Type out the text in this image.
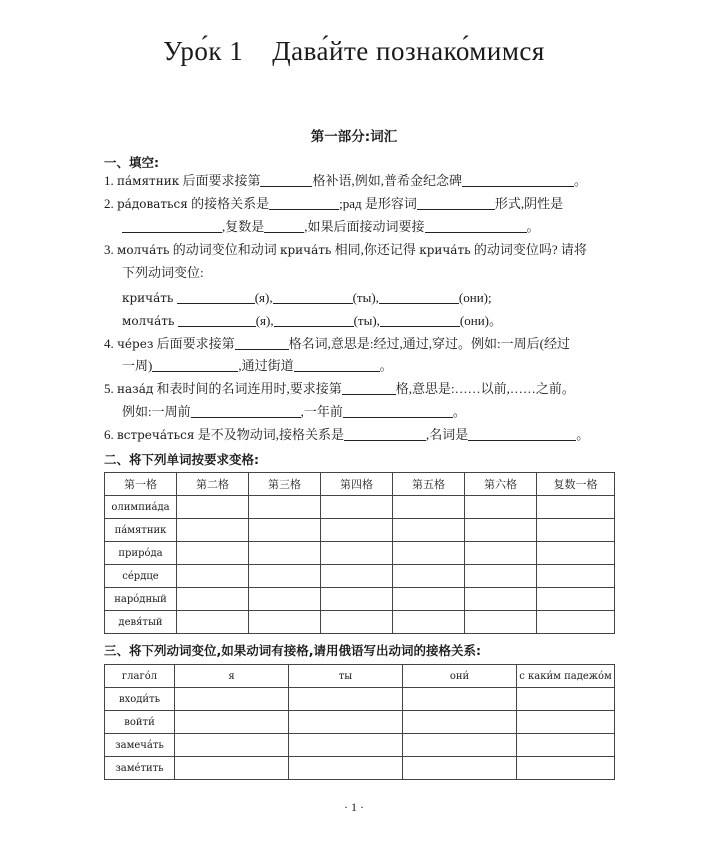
Уро́к 1    Дава́йте познако́мимся
第一部分:词汇
一、填空:
1. па́мятник 后面要求接第	格补语,例如,普希金纪念碑	。
2. ра́доваться 的接格关系是	;рад 是形容词	形式,阴性是
,复数是	,如果后面接动词要接	。
3. молча́ть 的动词变位和动词 крича́ть 相同,你还记得 крича́ть 的动词变位吗? 请将
下列动词变位:
крича́ть	(я),	(ты),	(они);
молча́ть	(я),	(ты),	(они)。
4. че́рез 后面要求接第	格名词,意思是:经过,通过,穿过。例如:一周后(经过
一周)	,通过街道	。
5. наза́д 和表时间的名词连用时,要求接第	格,意思是:……以前,……之前。
例如:一周前	,一年前	。
6. встреча́ться 是不及物动词,接格关系是	,名词是	。
二、将下列单词按要求变格:
第一格	第二格	第三格	第四格	第五格	第六格	复数一格
олимпиа́да						
па́мятник						
приро́да						
се́рдце						
наро́дный						
девя́тый						
三、将下列动词变位,如果动词有接格,请用俄语写出动词的接格关系:
глаго́л	я	ты	они́	с каки́м падежо́м
входи́ть				
войти́				
замеча́ть				
заме́тить				
· 1 ·
